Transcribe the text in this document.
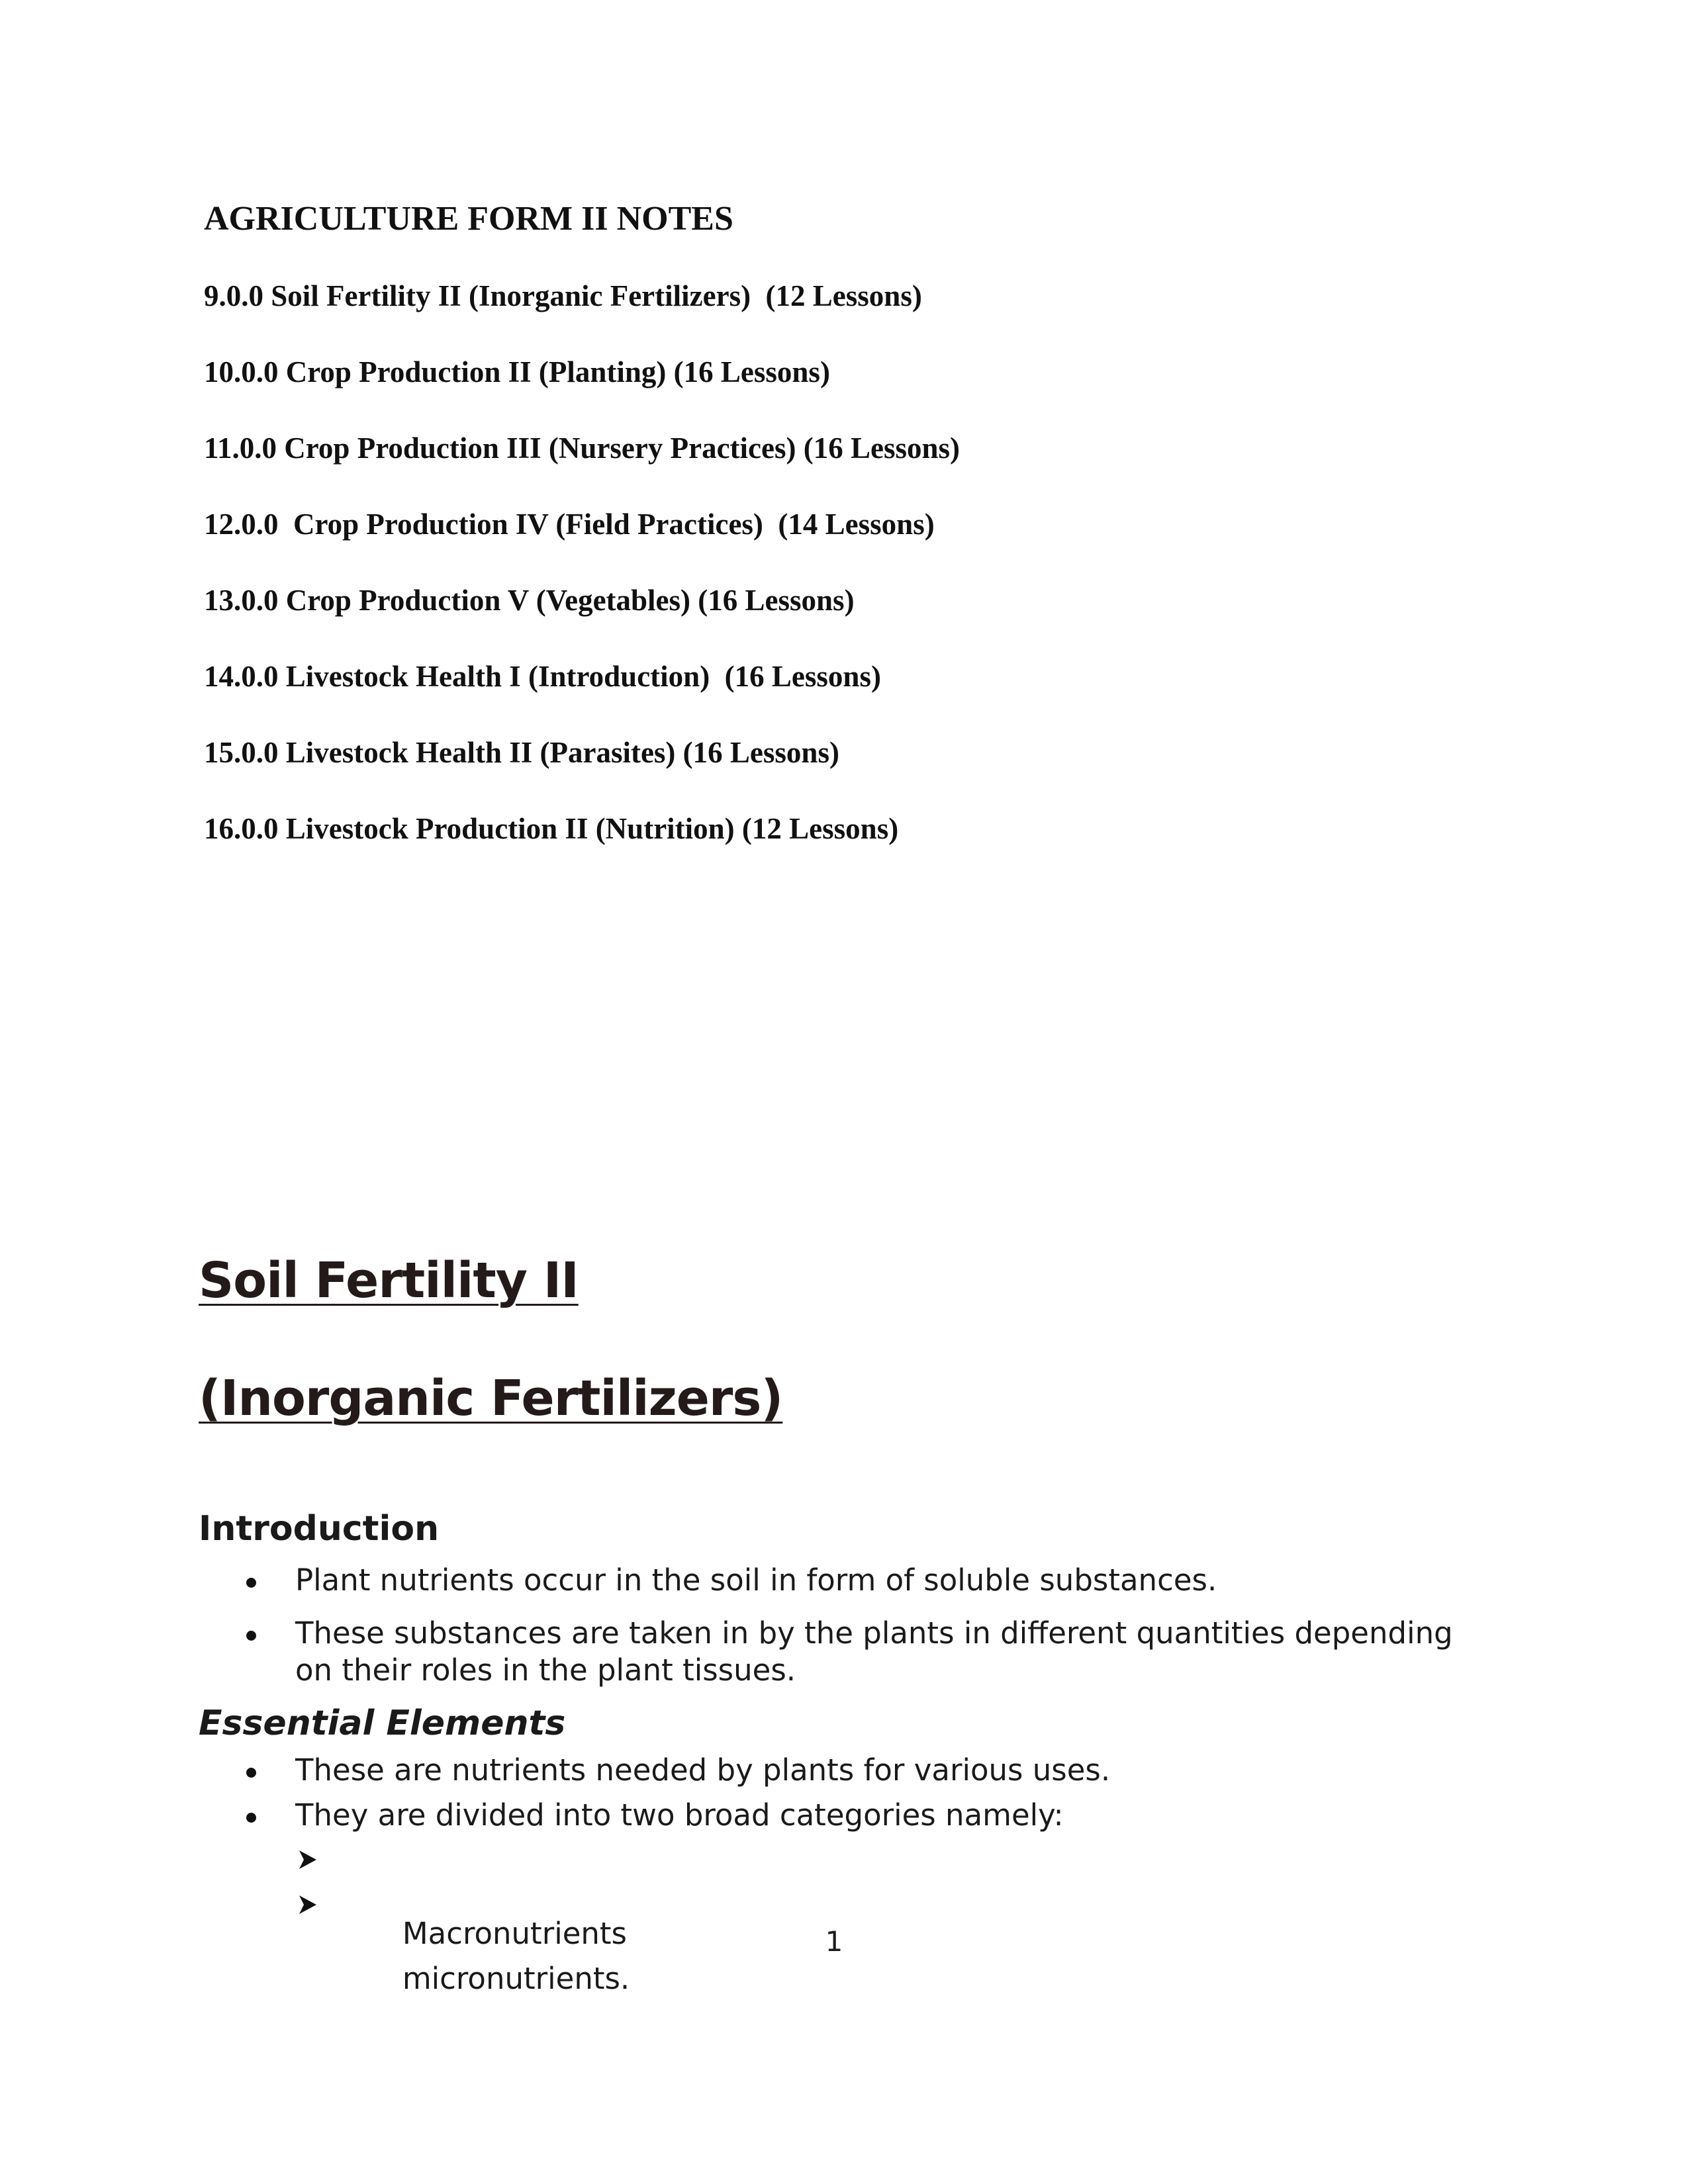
AGRICULTURE FORM II NOTES
9.0.0 Soil Fertility II (Inorganic Fertilizers)  (12 Lessons)
10.0.0 Crop Production II (Planting) (16 Lessons)
11.0.0 Crop Production III (Nursery Practices) (16 Lessons)
12.0.0  Crop Production IV (Field Practices)  (14 Lessons)
13.0.0 Crop Production V (Vegetables) (16 Lessons)
14.0.0 Livestock Health I (Introduction)  (16 Lessons)
15.0.0 Livestock Health II (Parasites) (16 Lessons)
16.0.0 Livestock Production II (Nutrition) (12 Lessons)
Soil Fertility II
(Inorganic Fertilizers)
Introduction
Plant nutrients occur in the soil in form of soluble substances.
These substances are taken in by the plants in different quantities depending on their roles in the plant tissues.
Essential Elements
These are nutrients needed by plants for various uses.
They are divided into two broad categories namely:

Macronutrients

micronutrients.

1
